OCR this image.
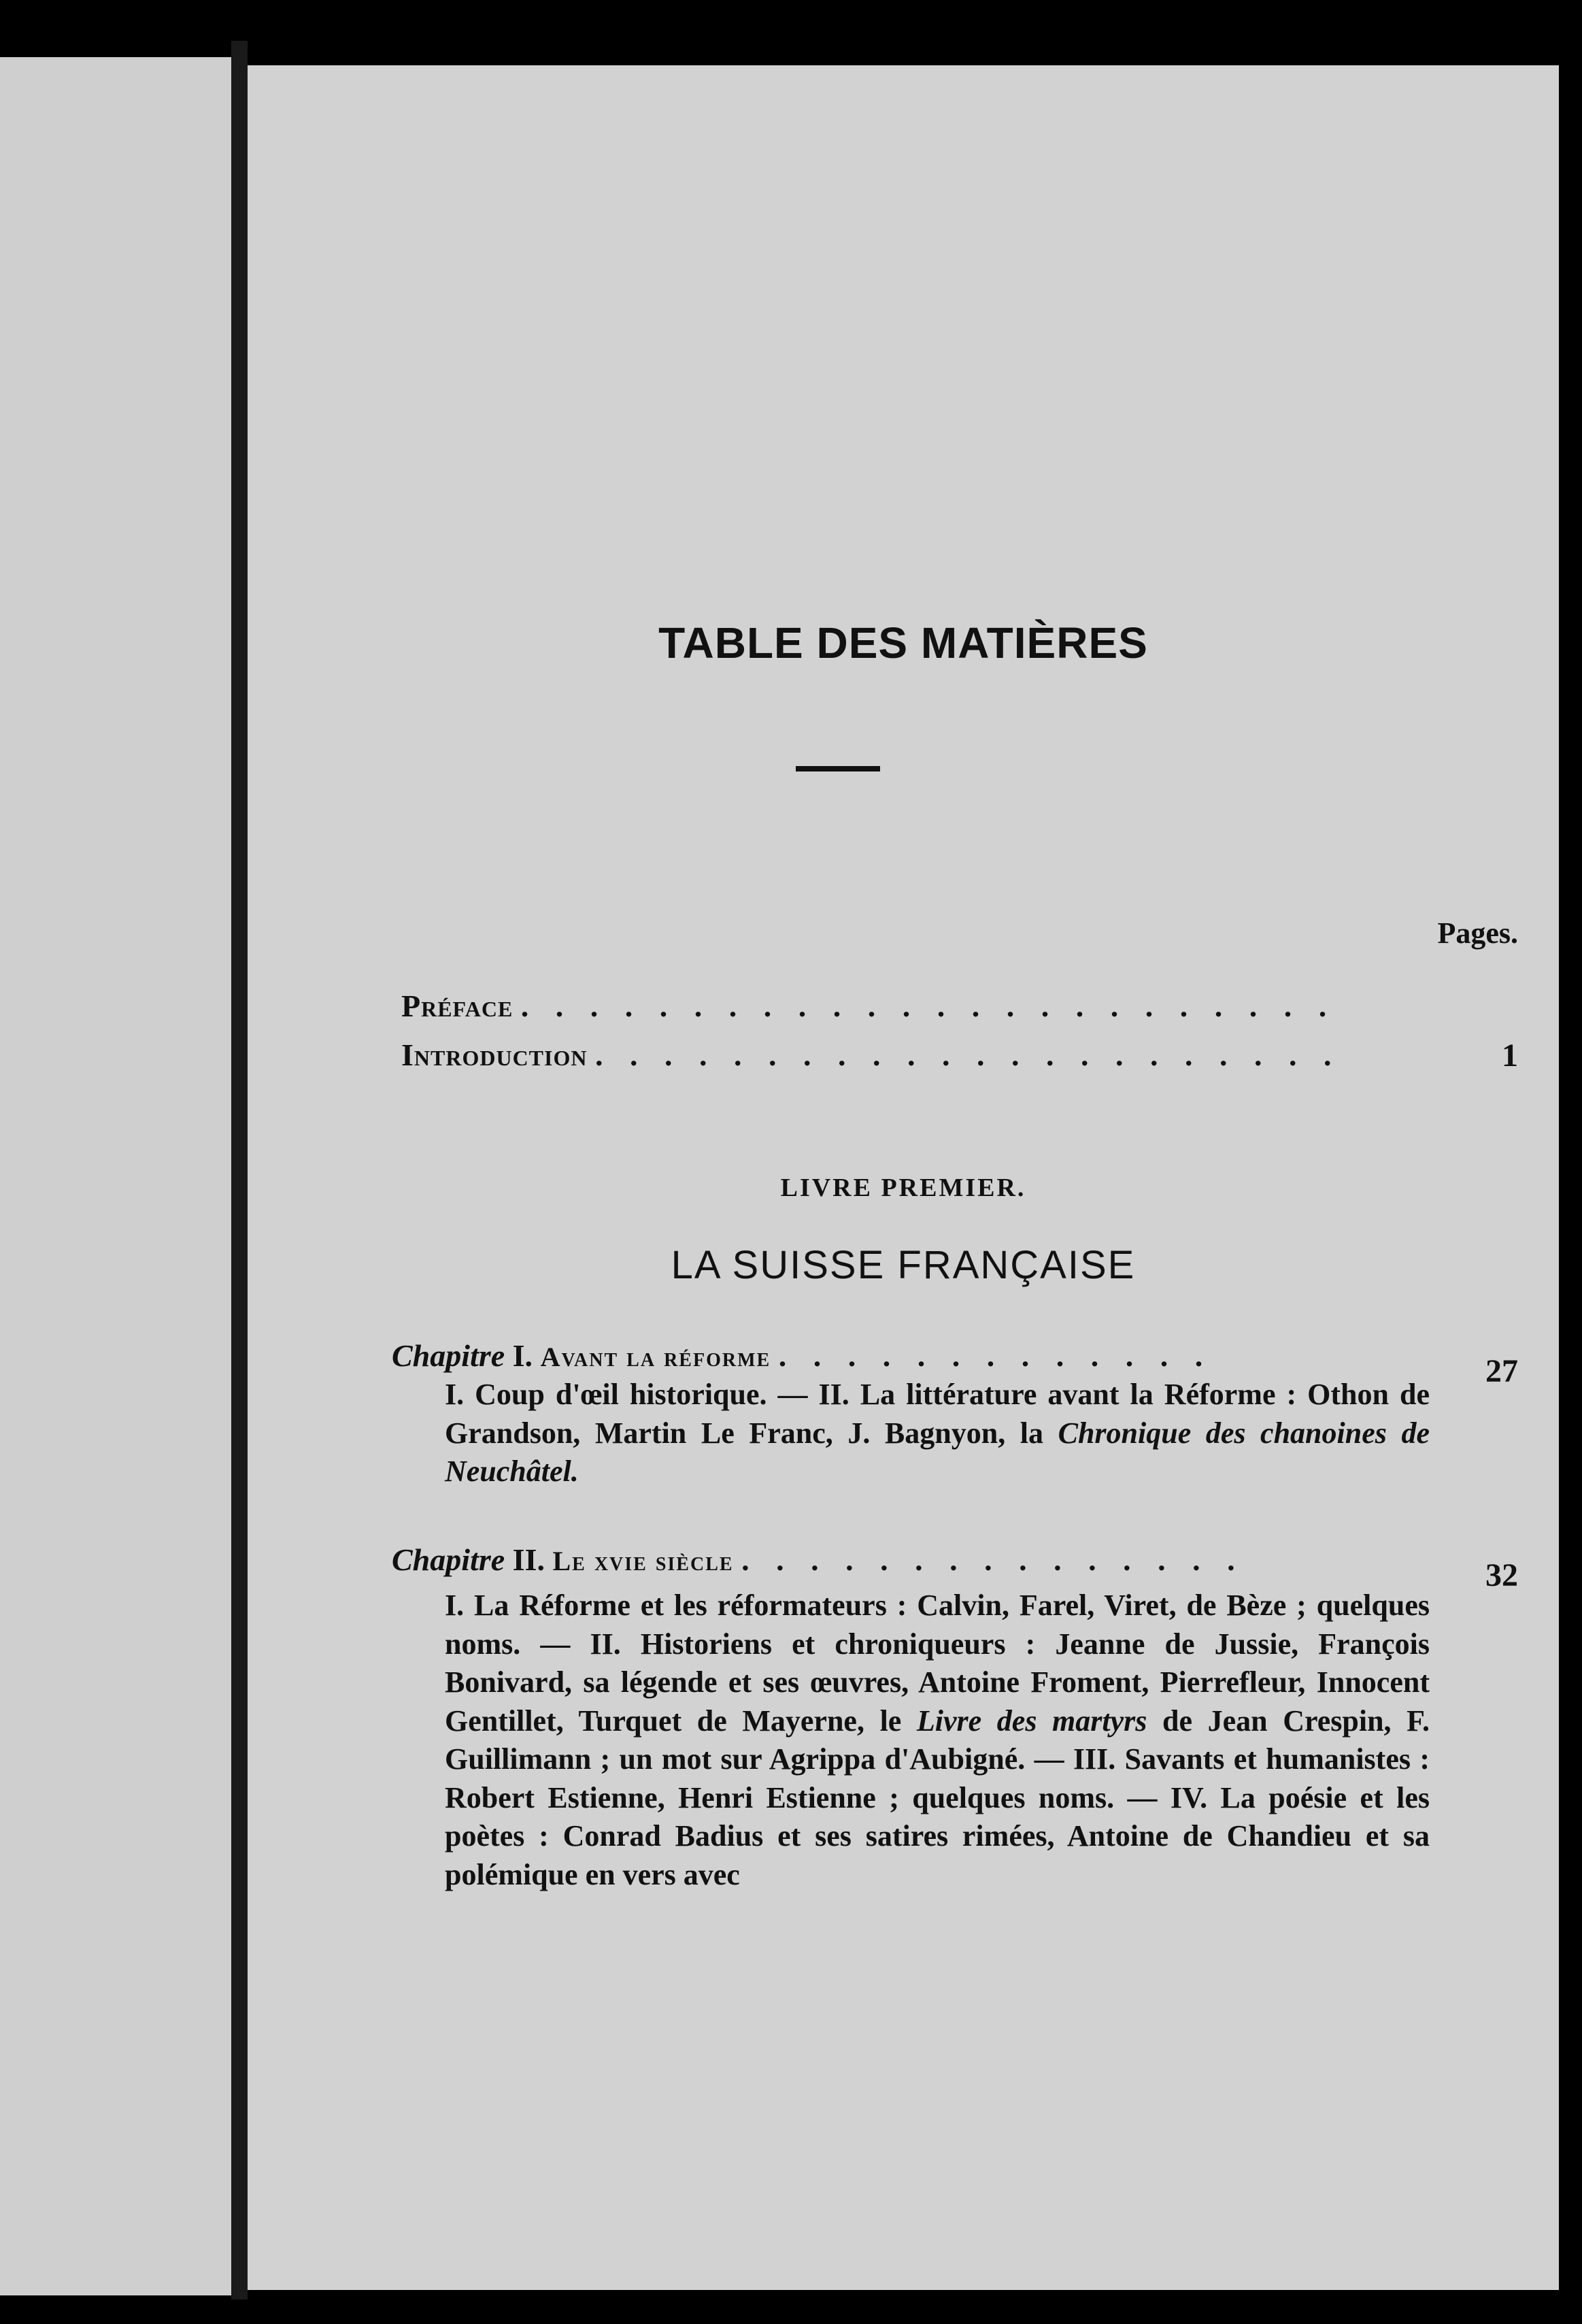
TABLE DES MATIÈRES
Pages.
Préface . . . . . . . . . . . . . . . . . . . . . . . .
Introduction . . . . . . . . . . . . . . . . . . . . . .	1
LIVRE PREMIER.
LA SUISSE FRANÇAISE
Chapitre I. Avant la réforme . . . . . . . . . . . . .	27
I. Coup d'œil historique. — II. La littérature avant la Réforme : Othon de Grandson, Martin Le Franc, J. Bagnyon, la Chronique des chanoines de Neuchâtel.
Chapitre II. Le xvie siècle . . . . . . . . . . . . . . .	32
I. La Réforme et les réformateurs : Calvin, Farel, Viret, de Bèze ; quelques noms. — II. Historiens et chroniqueurs : Jeanne de Jussie, François Bonivard, sa légende et ses œuvres, Antoine Froment, Pierrefleur, Innocent Gentillet, Turquet de Mayerne, le Livre des martyrs de Jean Crespin, F. Guillimann ; un mot sur Agrippa d'Aubigné. — III. Savants et humanistes : Robert Estienne, Henri Estienne ; quelques noms. — IV. La poésie et les poètes : Conrad Badius et ses satires rimées, Antoine de Chandieu et sa polémique en vers avec
